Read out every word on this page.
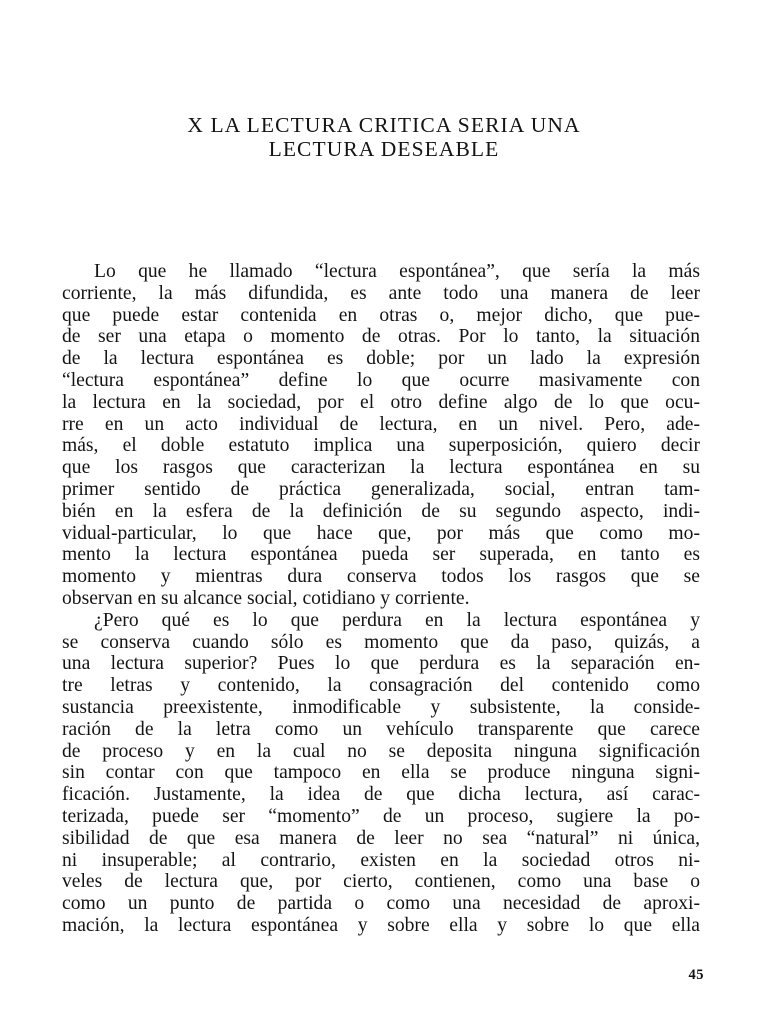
X LA LECTURA CRITICA SERIA UNA
LECTURA DESEABLE
Lo que he llamado “lectura espontánea”, que sería la más
corriente, la más difundida, es ante todo una manera de leer
que puede estar contenida en otras o, mejor dicho, que pue-
de ser una etapa o momento de otras. Por lo tanto, la situación
de la lectura espontánea es doble; por un lado la expresión
“lectura espontánea” define lo que ocurre masivamente con
la lectura en la sociedad, por el otro define algo de lo que ocu-
rre en un acto individual de lectura, en un nivel. Pero, ade-
más, el doble estatuto implica una superposición, quiero decir
que los rasgos que caracterizan la lectura espontánea en su
primer sentido de práctica generalizada, social, entran tam-
bién en la esfera de la definición de su segundo aspecto, indi-
vidual-particular, lo que hace que, por más que como mo-
mento la lectura espontánea pueda ser superada, en tanto es
momento y mientras dura conserva todos los rasgos que se
observan en su alcance social, cotidiano y corriente.
¿Pero qué es lo que perdura en la lectura espontánea y
se conserva cuando sólo es momento que da paso, quizás, a
una lectura superior? Pues lo que perdura es la separación en-
tre letras y contenido, la consagración del contenido como
sustancia preexistente, inmodificable y subsistente, la conside-
ración de la letra como un vehículo transparente que carece
de proceso y en la cual no se deposita ninguna significación
sin contar con que tampoco en ella se produce ninguna signi-
ficación. Justamente, la idea de que dicha lectura, así carac-
terizada, puede ser “momento” de un proceso, sugiere la po-
sibilidad de que esa manera de leer no sea “natural” ni única,
ni insuperable; al contrario, existen en la sociedad otros ni-
veles de lectura que, por cierto, contienen, como una base o
como un punto de partida o como una necesidad de aproxi-
mación, la lectura espontánea y sobre ella y sobre lo que ella
45
